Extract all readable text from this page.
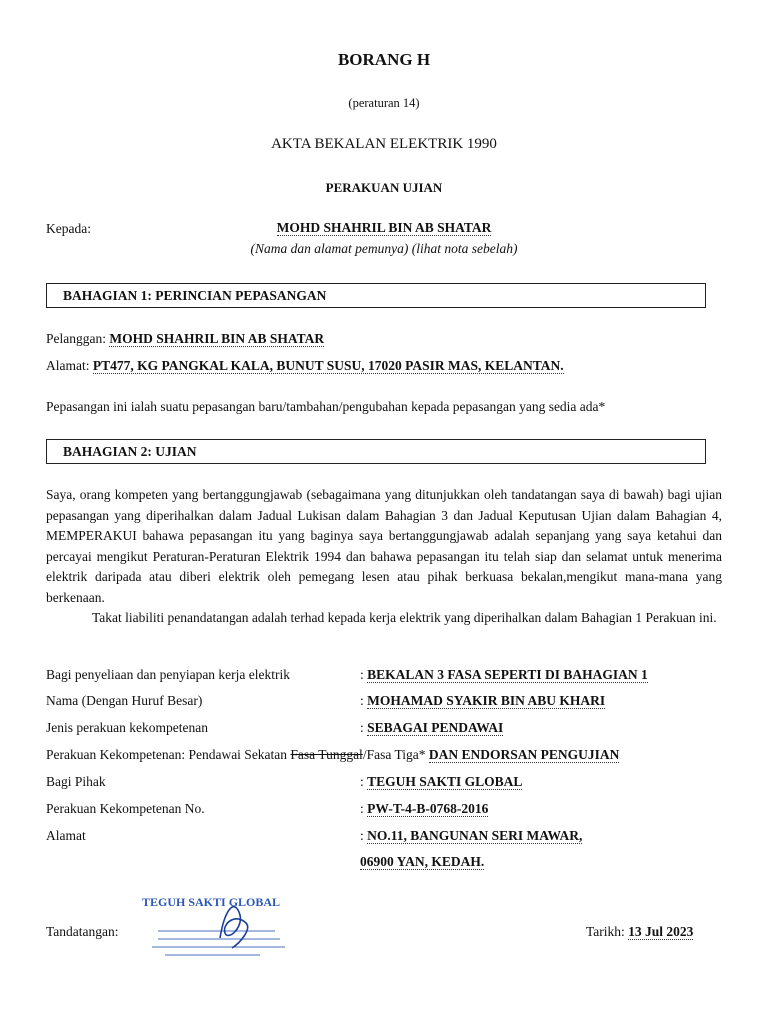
BORANG H
(peraturan 14)
AKTA BEKALAN ELEKTRIK 1990
PERAKUAN UJIAN
Kepada:	MOHD SHAHRIL BIN AB SHATAR
(Nama dan alamat pemunya) (lihat nota sebelah)
BAHAGIAN 1: PERINCIAN PEPASANGAN
Pelanggan: MOHD SHAHRIL BIN AB SHATAR
Alamat: PT477, KG PANGKAL KALA, BUNUT SUSU, 17020 PASIR MAS, KELANTAN.
Pepasangan ini ialah suatu pepasangan baru/tambahan/pengubahan kepada pepasangan yang sedia ada*
BAHAGIAN 2: UJIAN
Saya, orang kompeten yang bertanggungjawab (sebagaimana yang ditunjukkan oleh tandatangan saya di bawah) bagi ujian pepasangan yang diperihalkan dalam Jadual Lukisan dalam Bahagian 3 dan Jadual Keputusan Ujian dalam Bahagian 4, MEMPERAKUI bahawa pepasangan itu yang baginya saya bertanggungjawab adalah sepanjang yang saya ketahui dan percayai mengikut Peraturan-Peraturan Elektrik 1994 dan bahawa pepasangan itu telah siap dan selamat untuk menerima elektrik daripada atau diberi elektrik oleh pemegang lesen atau pihak berkuasa bekalan,mengikut mana-mana yang berkenaan.
Takat liabiliti penandatangan adalah terhad kepada kerja elektrik yang diperihalkan dalam Bahagian 1 Perakuan ini.
Bagi penyeliaan dan penyiapan kerja elektrik	: BEKALAN 3 FASA SEPERTI DI BAHAGIAN 1
Nama (Dengan Huruf Besar)	: MOHAMAD SYAKIR BIN ABU KHARI
Jenis perakuan kekompetenan	: SEBAGAI PENDAWAI
Perakuan Kekompetenan: Pendawai Sekatan Fasa Tunggal/Fasa Tiga* DAN ENDORSAN PENGUJIAN
Bagi Pihak	: TEGUH SAKTI GLOBAL
Perakuan Kekompetenan No.	: PW-T-4-B-0768-2016
Alamat	: NO.11, BANGUNAN SERI MAWAR,
06900 YAN, KEDAH.
Tandatangan:
TEGUH SAKTI GLOBAL
Tarikh: 13 Jul 2023
